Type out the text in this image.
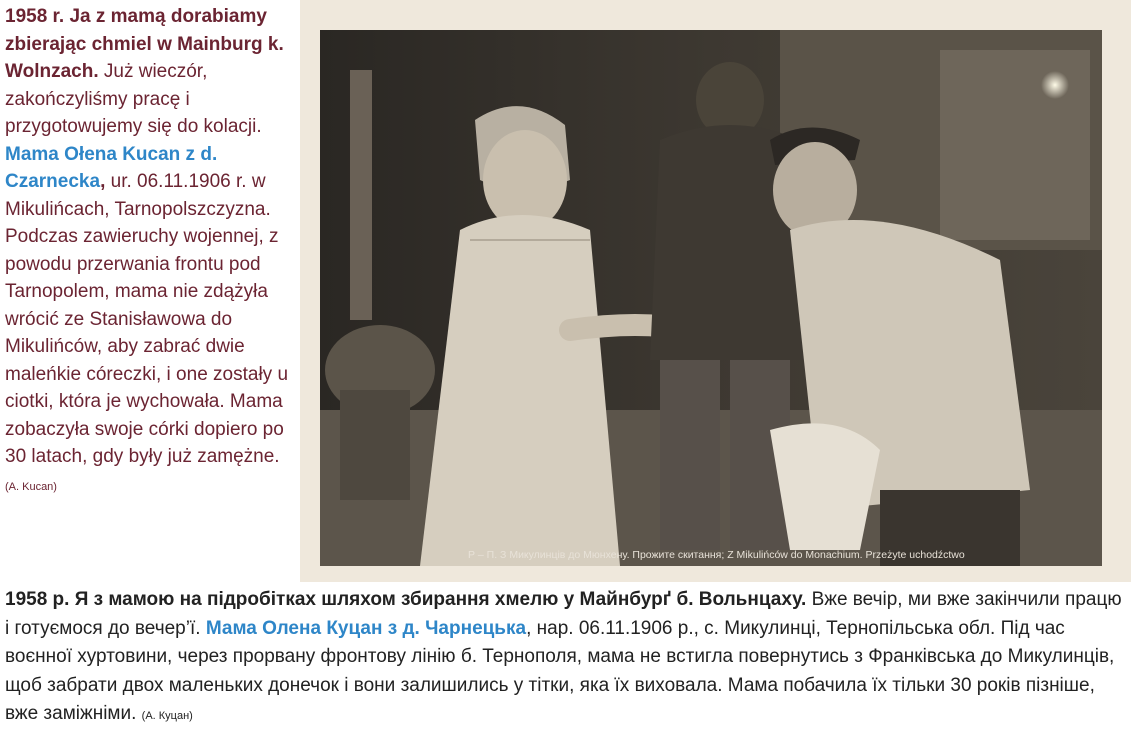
1958 r. Ja z mamą dorabiamy zbierając chmiel w Mainburg k. Wolnzach. Już wieczór, zakończyliśmy pracę i przygotowujemy się do kolacji. Mama Ołena Kucan z d. Czarnecka, ur. 06.11.1906 r. w Mikulińcach, Tarnopolszczyzna. Podczas zawieruchy wojennej, z powodu przerwania frontu pod Tarnopolem, mama nie zdążyła wrócić ze Stanisławowa do Mikulińców, aby zabrać dwie maleńkie córeczki, i one zostały u ciotki, która je wychowała. Mama zobaczyła swoje córki dopiero po 30 latach, gdy były już zamężne. (A. Kucan)
Р – П. З Микулинців до Мюнхену. Прожите скитання; Z Mikulińców do Monachium. Przeżyte uchodźctwo
1958 р. Я з мамою на підробітках шляхом збирання хмелю у Майнбурґ б. Вольнцаху. Вже вечір, ми вже закінчили працю і готуємося до вечер’ї. Мама Олена Куцан з д. Чарнецька, нар. 06.11.1906 р., с. Микулинці, Тернопільська обл. Під час воєнної хуртовини, через прорвану фронтову лінію б. Тернополя, мама не встигла повернутись з Франківська до Микулинців, щоб забрати двох маленьких донечок і вони залишились у тітки, яка їх виховала. Мама побачила їх тільки 30 років пізніше, вже заміжніми. (А. Куцан)
